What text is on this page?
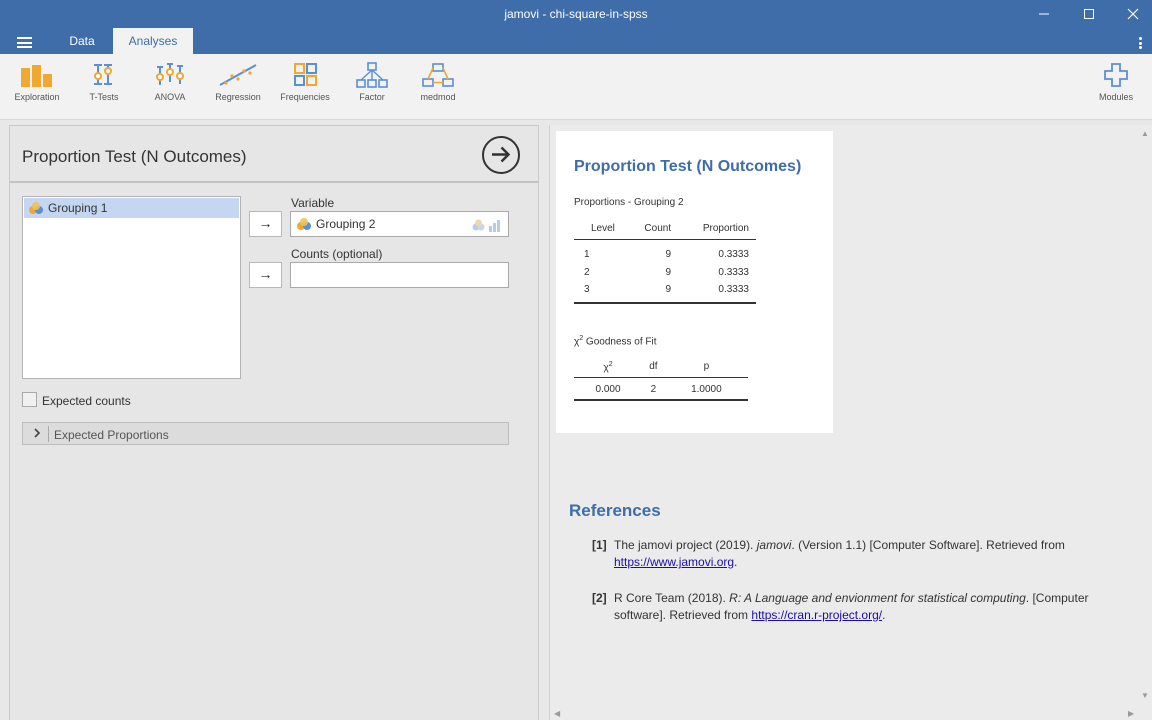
jamovi - chi-square-in-spss
Data	Analyses
Exploration	T-Tests	ANOVA	Regression	Frequencies	Factor	medmod	Modules
Proportion Test (N Outcomes)
Grouping 1
→
Variable
Grouping 2
→
Counts (optional)
Expected counts
Expected Proportions
Proportion Test (N Outcomes)
Proportions - Grouping 2
Level	Count	Proportion
1	9	0.3333
2	9	0.3333
3	9	0.3333
$\chi^2$ Goodness of Fit
$\chi^2$	df	p
0.000	2	1.0000
References
[1] The jamovi project (2019). jamovi. (Version 1.1) [Computer Software]. Retrieved from https://www.jamovi.org.
[2] R Core Team (2018). R: A Language and envionment for statistical computing. [Computer software]. Retrieved from https://cran.r-project.org/.
▲
▼
◀	▶
